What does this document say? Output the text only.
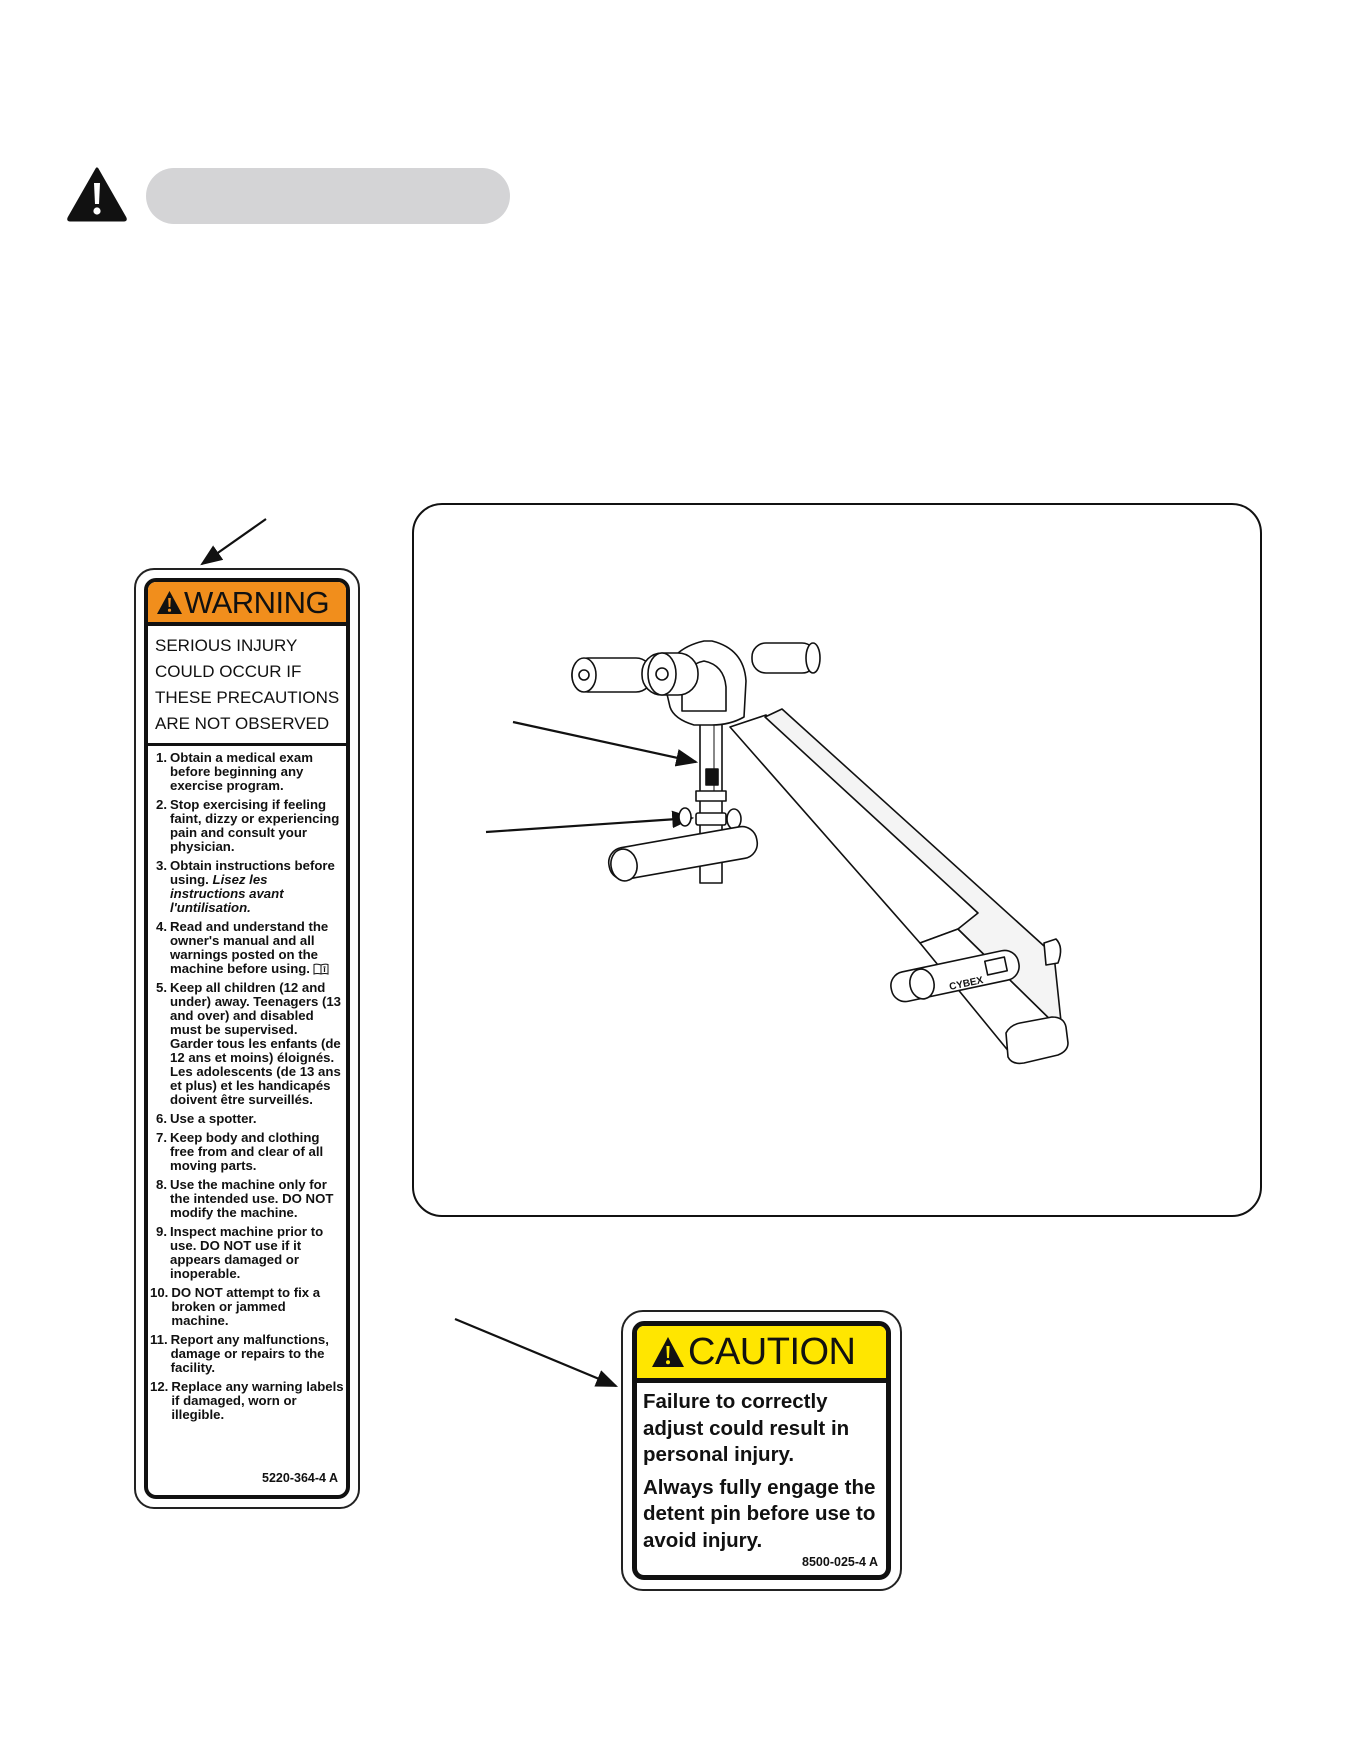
CYBEX
WARNING
SERIOUS INJURY
COULD OCCUR IF
THESE PRECAUTIONS
ARE NOT OBSERVED
1. Obtain a medical exam before beginning any exercise program.
2. Stop exercising if feeling faint, dizzy or experiencing pain and consult your physician.
3. Obtain instructions before using. Lisez les instructions avant l'untilisation.
4. Read and understand the owner's manual and all warnings posted on the machine before using.
5. Keep all children (12 and under) away. Teenagers (13 and over) and disabled must be supervised. Garder tous les enfants (de 12 ans et moins) éloignés. Les adolescents (de 13 ans et plus) et les handicapés doivent être surveillés.
6. Use a spotter.
7. Keep body and clothing free from and clear of all moving parts.
8. Use the machine only for the intended use. DO NOT modify the machine.
9. Inspect machine prior to use. DO NOT use if it appears damaged or inoperable.
10. DO NOT attempt to fix a broken or jammed machine.
11. Report any malfunctions, damage or repairs to the facility.
12. Replace any warning labels if damaged, worn or illegible.
5220-364-4 A
CAUTION
Failure to correctly adjust could result in personal injury.
Always fully engage the detent pin before use to avoid injury.
8500-025-4 A
